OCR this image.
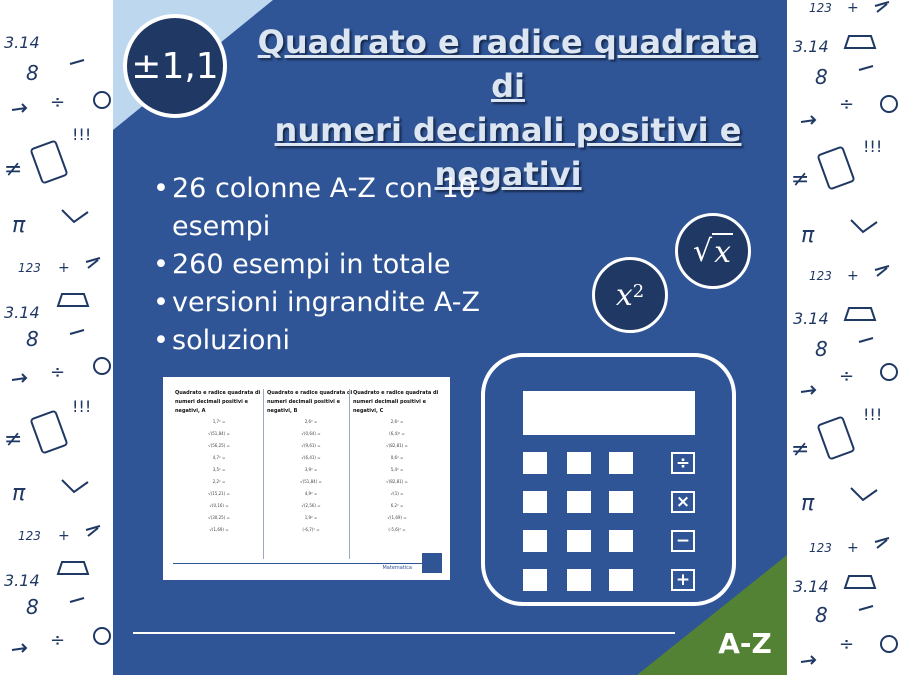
3.14
8
÷
!!!
≠
π
123 +
3.14
8
÷
!!!
≠
π
123 +
3.14
8
÷
123 +
3.14
8
÷
!!!
≠
π
123 +
3.14
8
÷
!!!
≠
π
123 +
3.14
8
÷
±1,1
Quadrato e radice quadrata di
numeri decimali positivi e
negativi
• 26 colonne A-Z con 10 esempi
• 260 esempi in totale
• versioni ingrandite A-Z
• soluzioni
√ x
$x^2$
Quadrato e radice quadrata di numeri decimali positivi e negativi, A
1,7² =
√(51,84) =
√(56,25) =
4,7² =
3,5² =
2,2² =
√(15,21) =
√(0,16) =
√(30,25) =
√(1,69) =
Quadrato e radice quadrata di numeri decimali positivi e negativi, B
2,6² =
√(0,64) =
√(9,61) =
√(6,41) =
3,9² =
√(51,84) =
4,9² =
√(2,56) =
1,9² =
(-6,7)² =
Quadrato e radice quadrata di numeri decimali positivi e negativi, C
2,6² =
(6,4)² =
√(82,81) =
0,6² =
5,4² =
√(82,81) =
√(1) =
6,2² =
√(1,69) =
(-5,6)² =
Matematica
÷
×
−
+
A-Z
